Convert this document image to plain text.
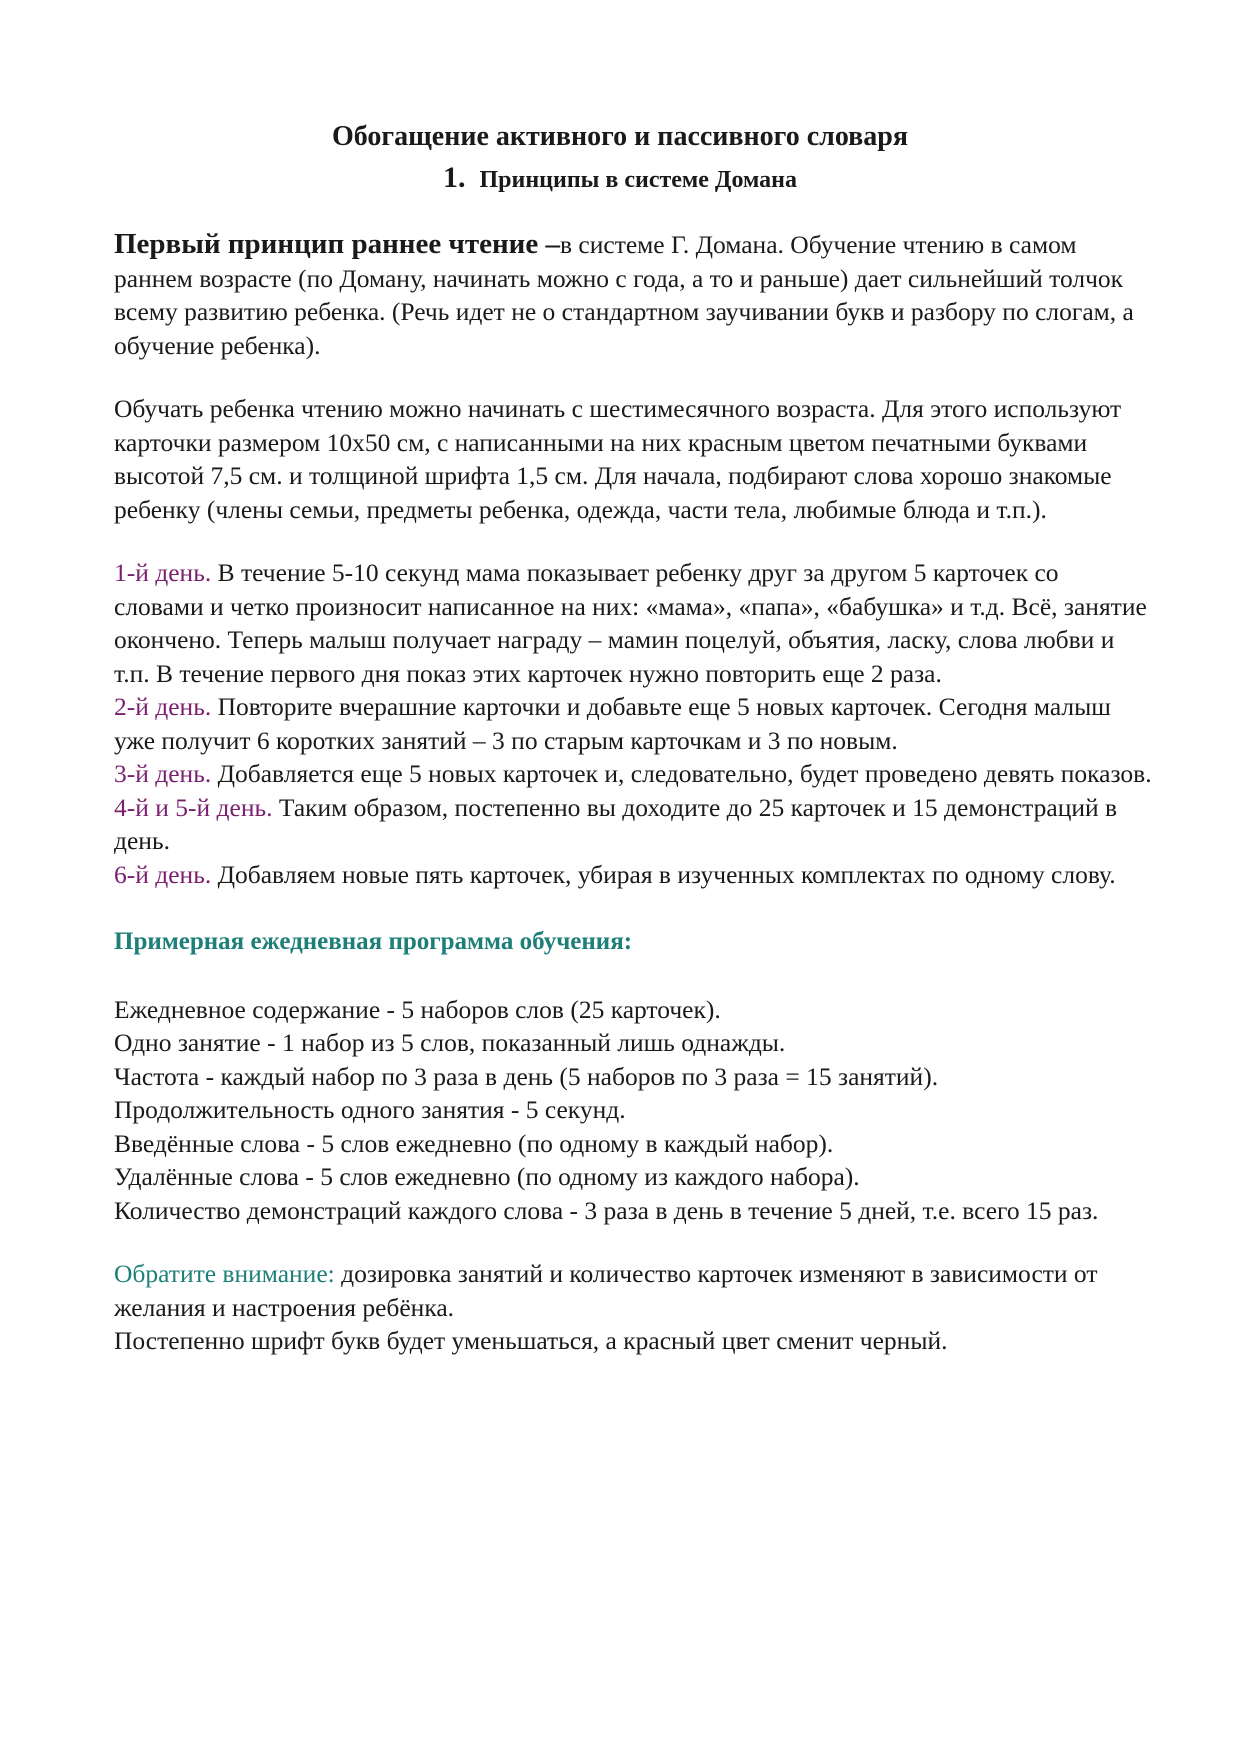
Обогащение активного и пассивного словаря
1. Принципы в системе Домана

Первый принцип раннее чтение –в системе Г. Домана. Обучение чтению в самом раннем возрасте (по Доману, начинать можно с года, а то и раньше) дает сильнейший толчок всему развитию ребенка. (Речь идет не о стандартном заучивании букв и разбору по слогам, а обучение ребенка).

Обучать ребенка чтению можно начинать с шестимесячного возраста. Для этого используют карточки размером 10х50 см, с написанными на них красным цветом печатными буквами высотой 7,5 см. и толщиной шрифта 1,5 см. Для начала, подбирают слова хорошо знакомые ребенку (члены семьи, предметы ребенка, одежда, части тела, любимые блюда и т.п.).

1-й день. В течение 5-10 секунд мама показывает ребенку друг за другом 5 карточек со словами и четко произносит написанное на них: «мама», «папа», «бабушка» и т.д. Всё, занятие окончено. Теперь малыш получает награду – мамин поцелуй, объятия, ласку, слова любви и т.п. В течение первого дня показ этих карточек нужно повторить еще 2 раза.

2-й день. Повторите вчерашние карточки и добавьте еще 5 новых карточек. Сегодня малыш уже получит 6 коротких занятий – 3 по старым карточкам и 3 по новым.

3-й день. Добавляется еще 5 новых карточек и, следовательно, будет проведено девять показов.

4-й и 5-й день. Таким образом, постепенно вы доходите до 25 карточек и 15 демонстраций в день.

6-й день. Добавляем новые пять карточек, убирая в изученных комплектах по одному слову.

Примерная ежедневная программа обучения:

Ежедневное содержание - 5 наборов слов (25 карточек).

Одно занятие - 1 набор из 5 слов, показанный лишь однажды.

Частота - каждый набор по 3 раза в день (5 наборов по 3 раза = 15 занятий).

Продолжительность одного занятия - 5 секунд.

Введённые слова - 5 слов ежедневно (по одному в каждый набор).

Удалённые слова - 5 слов ежедневно (по одному из каждого набора).

Количество демонстраций каждого слова - 3 раза в день в течение 5 дней, т.е. всего 15 раз.

Обратите внимание: дозировка занятий и количество карточек изменяют в зависимости от желания и настроения ребёнка.

Постепенно шрифт букв будет уменьшаться, а красный цвет сменит черный.
